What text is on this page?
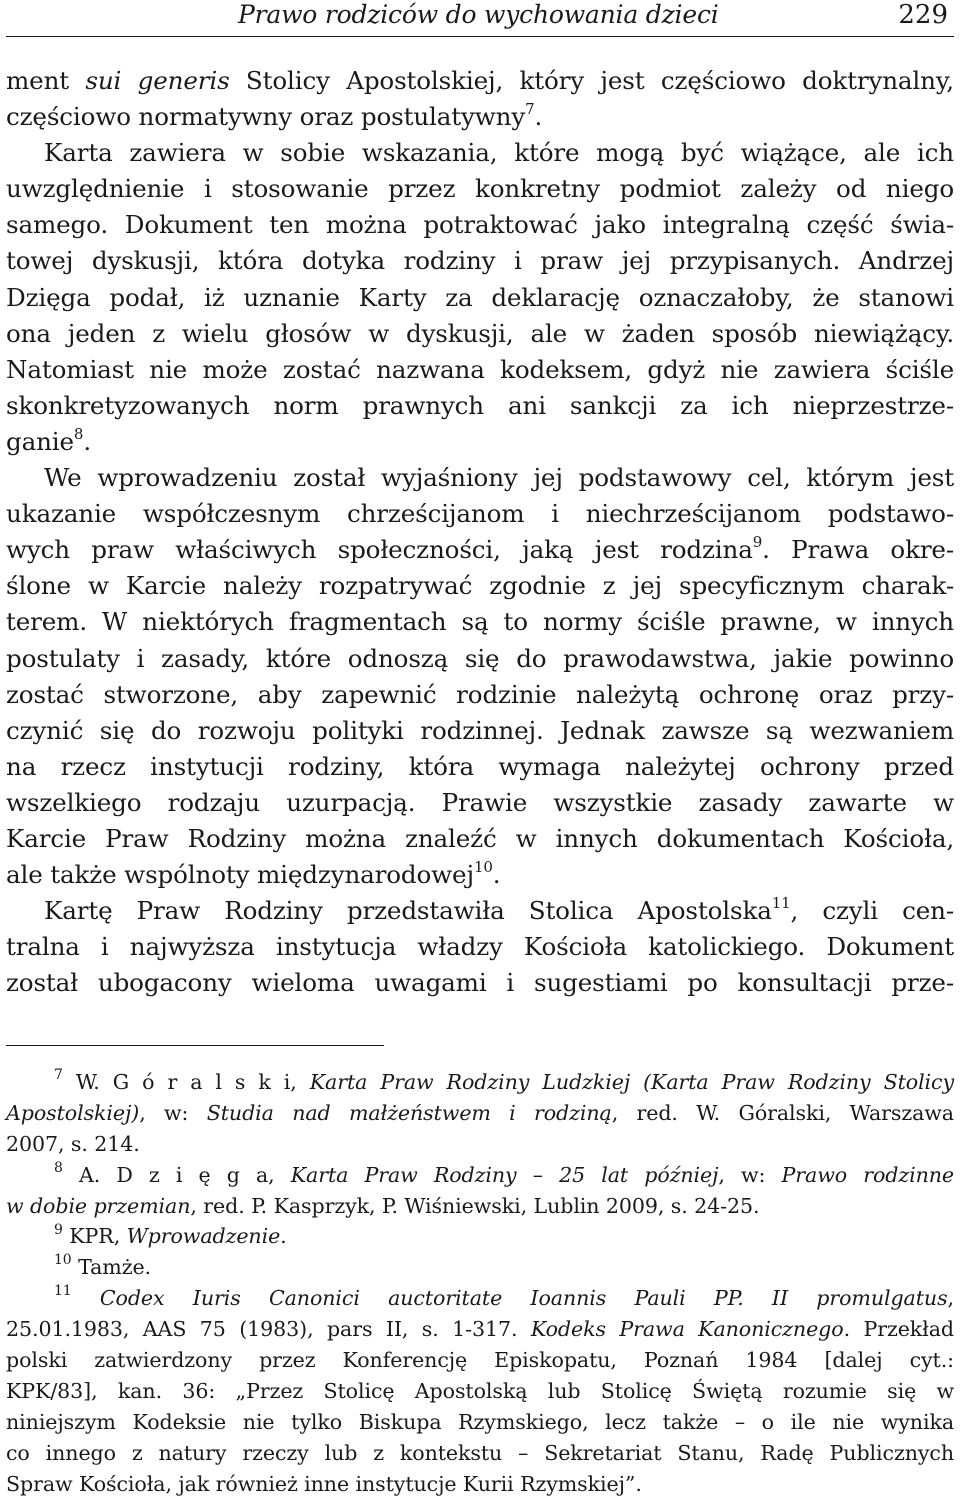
Prawo rodziców do wychowania dzieci	229
ment sui generis Stolicy Apostolskiej, który jest częściowo doktrynalny,
częściowo normatywny oraz postulatywny$^7$.
Karta zawiera w sobie wskazania, które mogą być wiążące, ale ich
uwzględnienie i stosowanie przez konkretny podmiot zależy od niego
samego. Dokument ten można potraktować jako integralną część świa-
towej dyskusji, która dotyka rodziny i praw jej przypisanych. Andrzej
Dzięga podał, iż uznanie Karty za deklarację oznaczałoby, że stanowi
ona jeden z wielu głosów w dyskusji, ale w żaden sposób niewiążący.
Natomiast nie może zostać nazwana kodeksem, gdyż nie zawiera ściśle
skonkretyzowanych norm prawnych ani sankcji za ich nieprzestrze-
ganie$^8$.
We wprowadzeniu został wyjaśniony jej podstawowy cel, którym jest
ukazanie współczesnym chrześcijanom i niechrześcijanom podstawo-
wych praw właściwych społeczności, jaką jest rodzina$^9$. Prawa okre-
ślone w Karcie należy rozpatrywać zgodnie z jej specyficznym charak-
terem. W niektórych fragmentach są to normy ściśle prawne, w innych
postulaty i zasady, które odnoszą się do prawodawstwa, jakie powinno
zostać stworzone, aby zapewnić rodzinie należytą ochronę oraz przy-
czynić się do rozwoju polityki rodzinnej. Jednak zawsze są wezwaniem
na rzecz instytucji rodziny, która wymaga należytej ochrony przed
wszelkiego rodzaju uzurpacją. Prawie wszystkie zasady zawarte w
Karcie Praw Rodziny można znaleźć w innych dokumentach Kościoła,
ale także wspólnoty międzynarodowej$^{10}$.
Kartę Praw Rodziny przedstawiła Stolica Apostolska$^{11}$, czyli cen-
tralna i najwyższa instytucja władzy Kościoła katolickiego. Dokument
został ubogacony wieloma uwagami i sugestiami po konsultacji prze-
$^7$ W. G ó r a l s k i, Karta Praw Rodziny Ludzkiej (Karta Praw Rodziny Stolicy
Apostolskiej), w: Studia nad małżeństwem i rodziną, red. W. Góralski, Warszawa
2007, s. 214.
$^8$ A. D z i ę g a, Karta Praw Rodziny – 25 lat później, w: Prawo rodzinne
w dobie przemian, red. P. Kasprzyk, P. Wiśniewski, Lublin 2009, s. 24-25.
$^9$ KPR, Wprowadzenie.
$^{10}$ Tamże.
$^{11}$ Codex Iuris Canonici auctoritate Ioannis Pauli PP. II promulgatus,
25.01.1983, AAS 75 (1983), pars II, s. 1-317. Kodeks Prawa Kanonicznego. Przekład
polski zatwierdzony przez Konferencję Episkopatu, Poznań 1984 [dalej cyt.:
KPK/83], kan. 36: „Przez Stolicę Apostolską lub Stolicę Świętą rozumie się w
niniejszym Kodeksie nie tylko Biskupa Rzymskiego, lecz także – o ile nie wynika
co innego z natury rzeczy lub z kontekstu – Sekretariat Stanu, Radę Publicznych
Spraw Kościoła, jak również inne instytucje Kurii Rzymskiej”.
